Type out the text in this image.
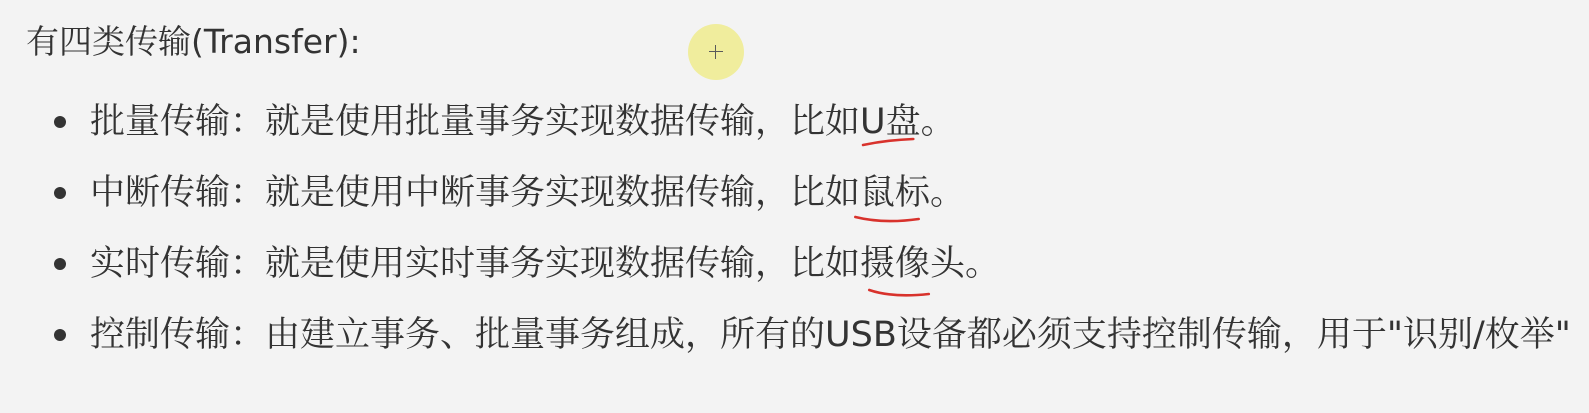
有四类传输(Transfer):
批量传输：就是使用批量事务实现数据传输，比如U盘
。
中断传输：就是使用中断事务实现数据传输，比如鼠标
。
实时传输：就是使用实时事务实现数据传输，比如摄像
头。
控制传输：由建立事务、批量事务组成，所有的USB设备都必须支持控制传输，用于"识别/枚举"
